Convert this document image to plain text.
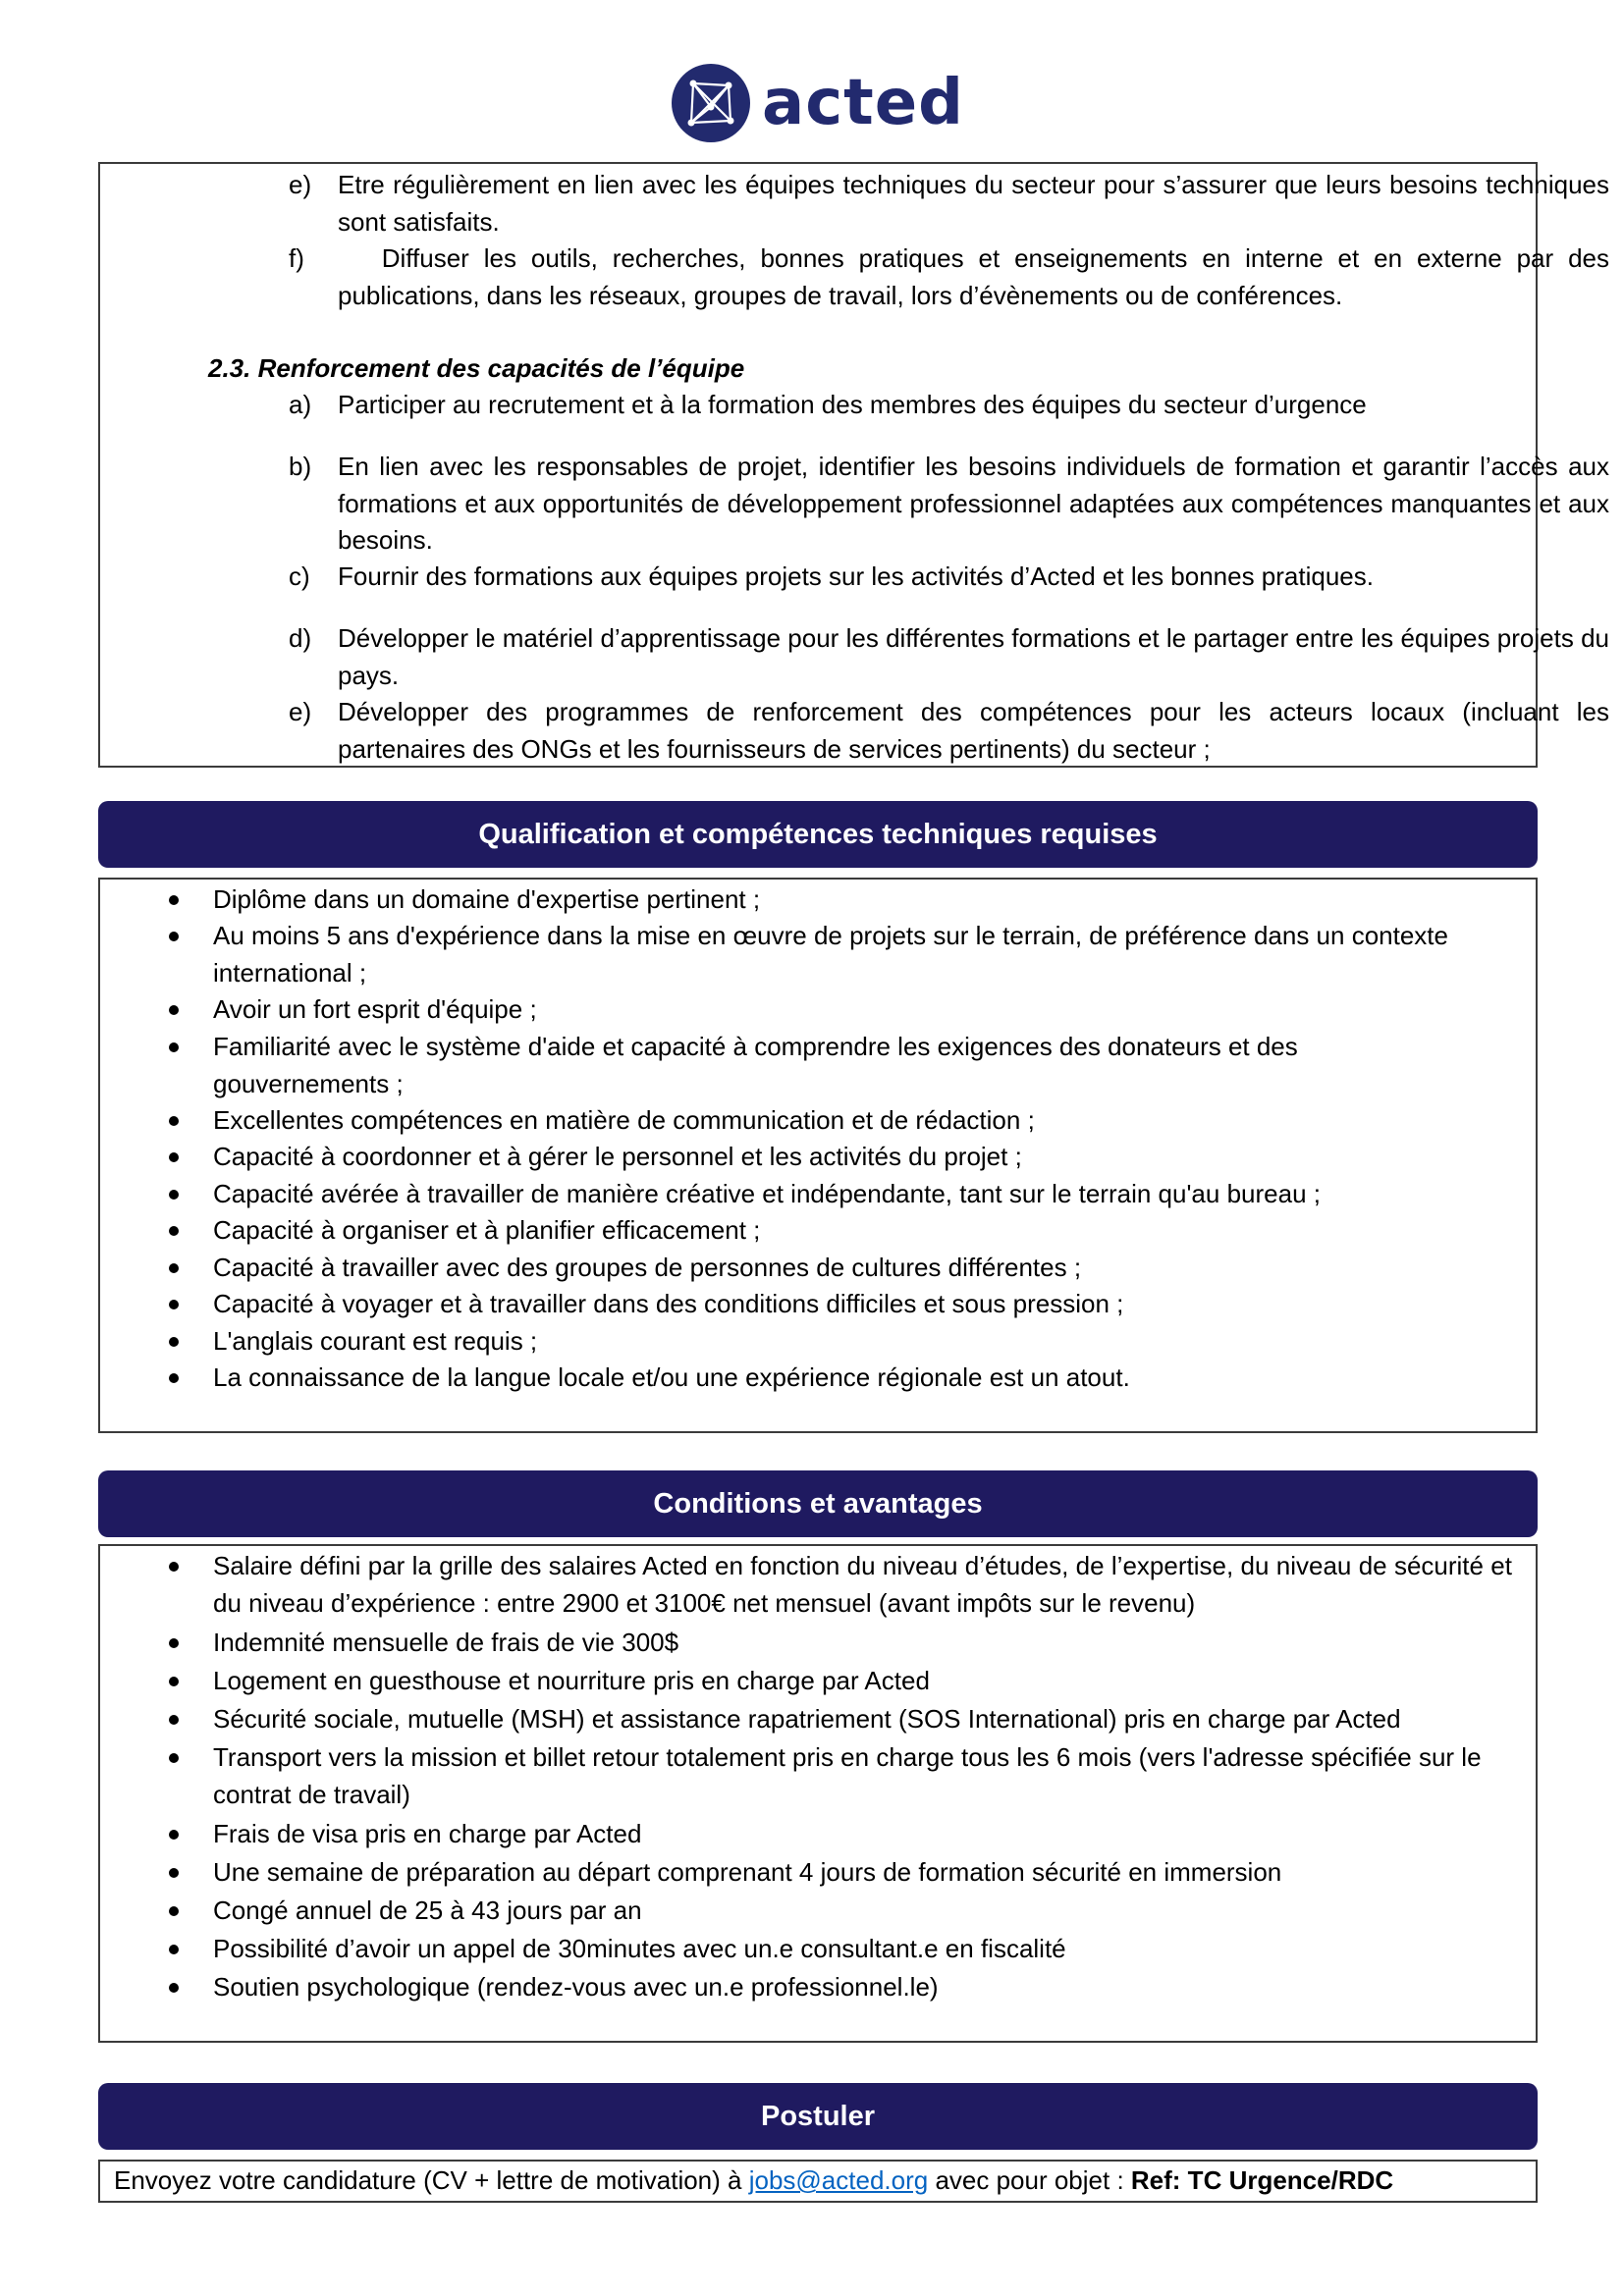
acted
e) Etre régulièrement en lien avec les équipes techniques du secteur pour s’assurer que leurs besoins techniques sont satisfaits.
f) Diffuser les outils, recherches, bonnes pratiques et enseignements en interne et en externe par des publications, dans les réseaux, groupes de travail, lors d’évènements ou de conférences.
2.3. Renforcement des capacités de l’équipe
a) Participer au recrutement et à la formation des membres des équipes du secteur d’urgence
b) En lien avec les responsables de projet, identifier les besoins individuels de formation et garantir l’accès aux formations et aux opportunités de développement professionnel adaptées aux compétences manquantes et aux besoins.
c) Fournir des formations aux équipes projets sur les activités d’Acted et les bonnes pratiques.
d) Développer le matériel d’apprentissage pour les différentes formations et le partager entre les équipes projets du pays.
e) Développer des programmes de renforcement des compétences pour les acteurs locaux (incluant les partenaires des ONGs et les fournisseurs de services pertinents) du secteur ;
Qualification et compétences techniques requises
Diplôme dans un domaine d'expertise pertinent ;
Au moins 5 ans d'expérience dans la mise en œuvre de projets sur le terrain, de préférence dans un contexte international ;
Avoir un fort esprit d'équipe ;
Familiarité avec le système d'aide et capacité à comprendre les exigences des donateurs et des gouvernements ;
Excellentes compétences en matière de communication et de rédaction ;
Capacité à coordonner et à gérer le personnel et les activités du projet ;
Capacité avérée à travailler de manière créative et indépendante, tant sur le terrain qu'au bureau ;
Capacité à organiser et à planifier efficacement ;
Capacité à travailler avec des groupes de personnes de cultures différentes ;
Capacité à voyager et à travailler dans des conditions difficiles et sous pression ;
L'anglais courant est requis ;
La connaissance de la langue locale et/ou une expérience régionale est un atout.
Conditions et avantages
Salaire défini par la grille des salaires Acted en fonction du niveau d’études, de l’expertise, du niveau de sécurité et du niveau d’expérience : entre 2900 et 3100€ net mensuel (avant impôts sur le revenu)
Indemnité mensuelle de frais de vie 300$
Logement en guesthouse et nourriture pris en charge par Acted
Sécurité sociale, mutuelle (MSH) et assistance rapatriement (SOS International) pris en charge par Acted
Transport vers la mission et billet retour totalement pris en charge tous les 6 mois (vers l'adresse spécifiée sur le contrat de travail)
Frais de visa pris en charge par Acted
Une semaine de préparation au départ comprenant 4 jours de formation sécurité en immersion
Congé annuel de 25 à 43 jours par an
Possibilité d’avoir un appel de 30minutes avec un.e consultant.e en fiscalité
Soutien psychologique (rendez-vous avec un.e professionnel.le)
Postuler
Envoyez votre candidature (CV + lettre de motivation) à jobs@acted.org avec pour objet : Ref: TC Urgence/RDC
